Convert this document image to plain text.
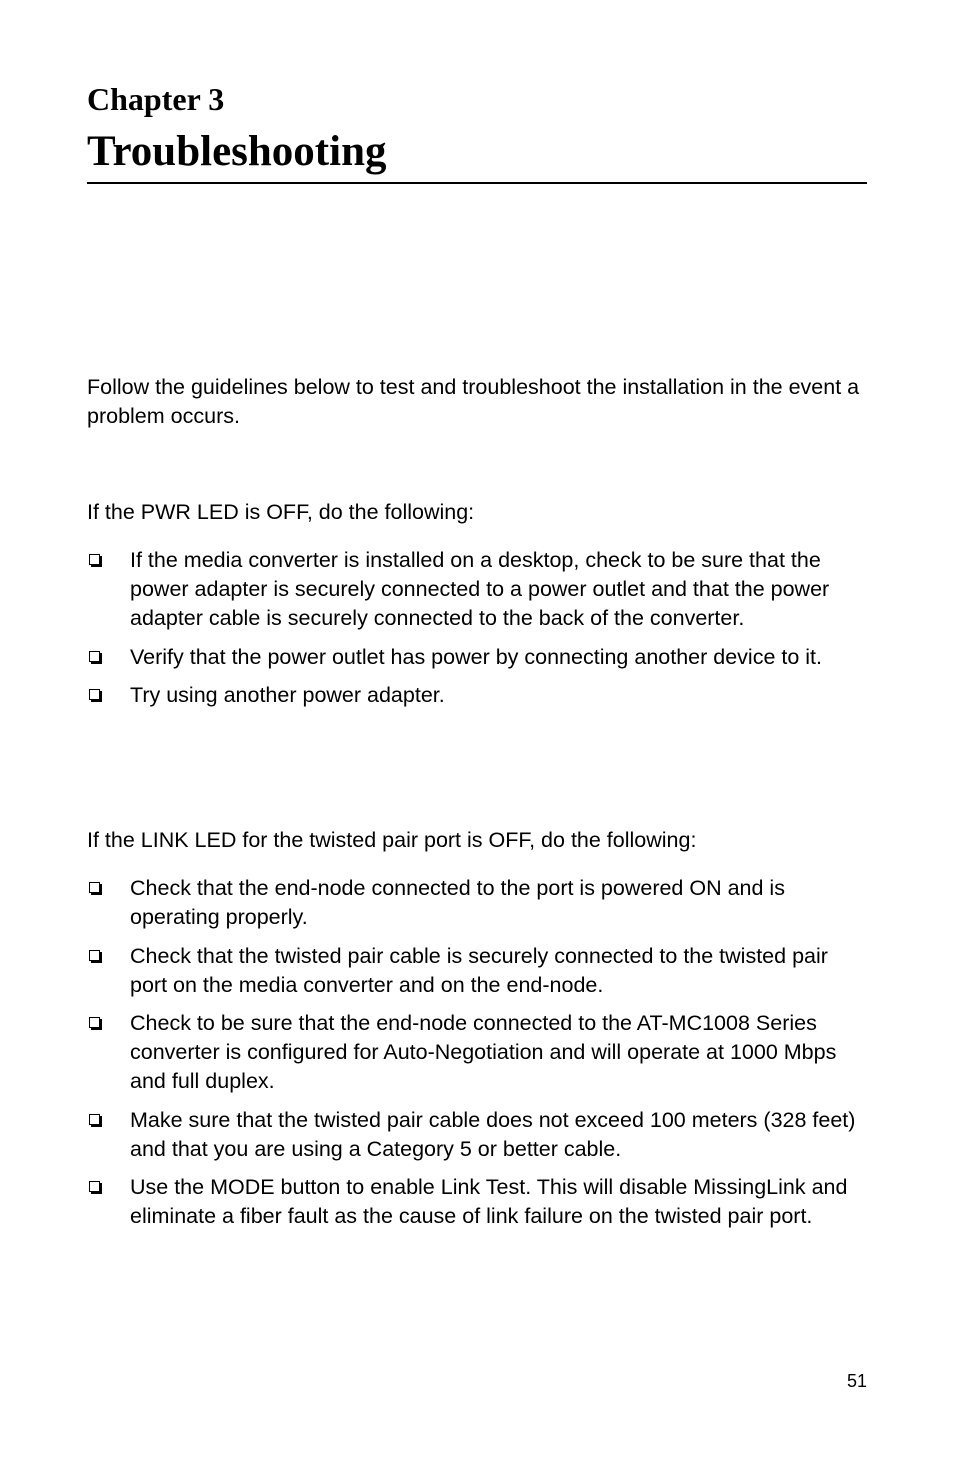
Chapter 3
Troubleshooting

Follow the guidelines below to test and troubleshoot the installation in the event a problem occurs.

If the PWR LED is OFF, do the following:

If the media converter is installed on a desktop, check to be sure that the power adapter is securely connected to a power outlet and that the power adapter cable is securely connected to the back of the converter.
Verify that the power outlet has power by connecting another device to it.
Try using another power adapter.

If the LINK LED for the twisted pair port is OFF, do the following:

Check that the end-node connected to the port is powered ON and is operating properly.
Check that the twisted pair cable is securely connected to the twisted pair port on the media converter and on the end-node.
Check to be sure that the end-node connected to the AT-MC1008 Series converter is configured for Auto-Negotiation and will operate at 1000 Mbps and full duplex.
Make sure that the twisted pair cable does not exceed 100 meters (328 feet) and that you are using a Category 5 or better cable.
Use the MODE button to enable Link Test. This will disable MissingLink and eliminate a fiber fault as the cause of link failure on the twisted pair port.

51
